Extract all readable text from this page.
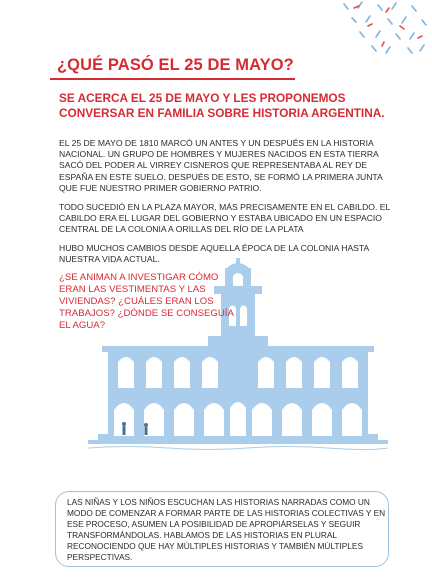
¿QUÉ PASÓ EL 25 DE MAYO?
SE ACERCA EL 25 DE MAYO Y LES PROPONEMOS CONVERSAR EN FAMILIA SOBRE HISTORIA ARGENTINA.
EL 25 DE MAYO DE 1810 MARCÓ UN ANTES Y UN DESPUÉS EN LA HISTORIA NACIONAL. UN GRUPO DE HOMBRES Y MUJERES NACIDOS EN ESTA TIERRA SACÓ DEL PODER AL VIRREY CISNEROS QUE REPRESENTABA AL REY DE ESPAÑA EN ESTE SUELO. DESPUÉS DE ESTO, SE FORMÓ LA PRIMERA JUNTA QUE FUE NUESTRO PRIMER GOBIERNO PATRIO.
TODO SUCEDIÓ EN LA PLAZA MAYOR, MÁS PRECISAMENTE EN EL CABILDO. EL CABILDO ERA EL LUGAR DEL GOBIERNO Y ESTABA UBICADO EN UN ESPACIO CENTRAL DE LA COLONIA A ORILLAS DEL RÍO DE LA PLATA
HUBO MUCHOS CAMBIOS DESDE AQUELLA ÉPOCA DE LA COLONIA HASTA NUESTRA VIDA ACTUAL.
¿SE ANIMAN A INVESTIGAR CÓMO ERAN LAS VESTIMENTAS Y LAS VIVIENDAS? ¿CUÁLES ERAN LOS TRABAJOS? ¿DÓNDE SE CONSEGUÍA EL AGUA?
LAS NIÑAS Y LOS NIÑOS ESCUCHAN LAS HISTORIAS NARRADAS COMO UN MODO DE COMENZAR A FORMAR PARTE DE LAS HISTORIAS COLECTIVAS Y EN ESE PROCESO, ASUMEN LA POSIBILIDAD DE APROPIÁRSELAS Y SEGUIR TRANSFORMÁNDOLAS. HABLAMOS DE LAS HISTORIAS EN PLURAL RECONOCIENDO QUE HAY MÚLTIPLES HISTORIAS Y TAMBIÉN MÚLTIPLES PERSPECTIVAS.
